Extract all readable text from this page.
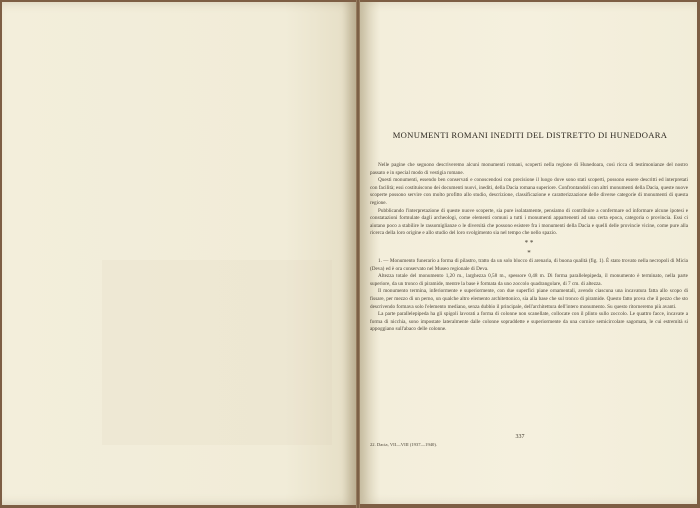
MONUMENTI ROMANI INEDITI DEL DISTRETTO DI HUNEDOARA

Nelle pagine che seguono descriveremo alcuni monumenti romani, scoperti nella regione di Hunedoara, così ricca di testimonianze del nostro passato e in special modo di vestigia romane.

Questi monumenti, essendo ben conservati e conoscendosi con precisione il luogo dove sono stati scoperti, possono essere descritti ed interpretati con facilità; essi costituiscono dei documenti nuovi, inediti, della Dacia romana superiore. Confrontandoli con altri monumenti della Dacia, queste nuove scoperte possono servire con molto profitto allo studio, descrizione, classificazione e caratterizzazione delle diverse categorie di monumenti di questa regione.

Pubblicando l'interpretazione di queste nuove scoperte, sia pure isolatamente, pensiamo di contribuire a confermare od informare alcune ipotesi e constatazioni formulate dagli archeologi, come elementi comuni a tutti i monumenti appartenenti ad una certa epoca, categoria o provincia. Essi ci aiutano poco a stabilire le rassomiglianze o le diversità che possono esistere fra i monumenti della Dacia e quelli delle provincie vicine, come pure alla ricerca della loro origine e allo studio del loro svolgimento sia nel tempo che nello spazio.

* *
*

1. — Monumento funerario a forma di pilastro, tratto da un solo blocco di arenaria, di buona qualità (fig. 1). È stato trovato nella necropoli di Micia (Deva) ed è ora conservato nel Museo regionale di Deva.

Altezza totale del monumento 1,20 m., larghezza 0,58 m., spessore 0,48 m. Di forma parallelepipeda, il monumento è terminato, nella parte superiore, da un tronco di piramide, mentre la base è formata da uno zoccolo quadrangolare, di 7 cm. di altezza.

Il monumento termina, inferiormente e superiormente, con due superfici piane ornamentali, avendo ciascuna una incavatura fatta allo scopo di fissare, per mezzo di un perno, un qualche altro elemento architettonico, sia alla base che sul tronco di piramide. Questo fatto prova che il pezzo che sto descrivendo formava solo l'elemento mediano, senza dubbio il principale, dell'architettura dell'intero monumento. Su questo ritorneremo più avanti.

La parte parallelepipeda ha gli spigoli lavorati a forma di colonne non scanellate, collocate con il plinto sullo zoccolo. Le quattro facce, incavate a forma di nicchia, sono impostate lateralmente dalle colonne sopraddette e superiormente da una cornice semicircolare sagomata, le cui estremità si appoggiano sull'abaco delle colonne.

337
22. Dacia, VII—VIII (1937—1940).
